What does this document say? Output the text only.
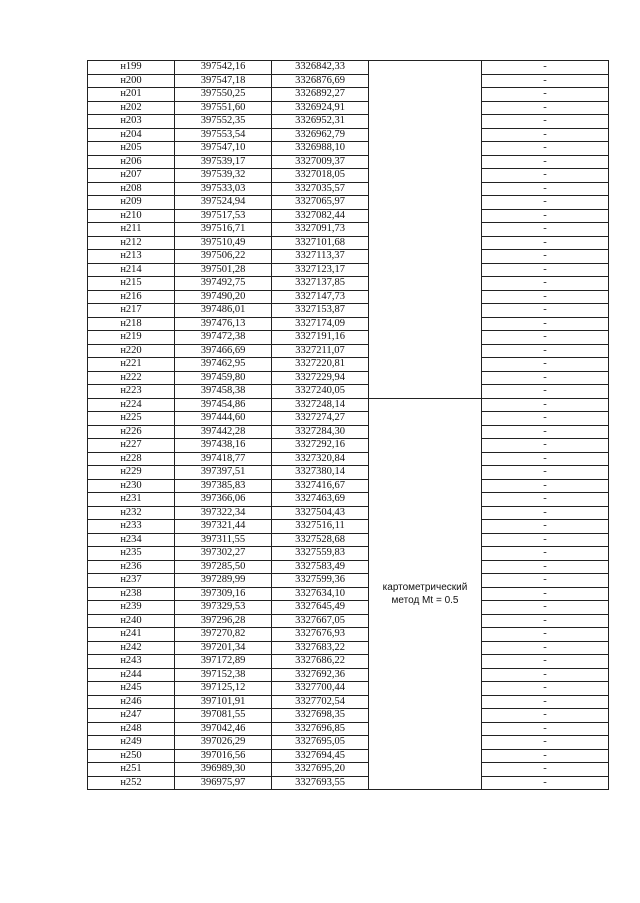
н199	397542,16	3326842,33		-
н200	397547,18	3326876,69		-
н201	397550,25	3326892,27		-
н202	397551,60	3326924,91		-
н203	397552,35	3326952,31		-
н204	397553,54	3326962,79		-
н205	397547,10	3326988,10		-
н206	397539,17	3327009,37		-
н207	397539,32	3327018,05		-
н208	397533,03	3327035,57		-
н209	397524,94	3327065,97		-
н210	397517,53	3327082,44		-
н211	397516,71	3327091,73		-
н212	397510,49	3327101,68		-
н213	397506,22	3327113,37		-
н214	397501,28	3327123,17		-
н215	397492,75	3327137,85		-
н216	397490,20	3327147,73		-
н217	397486,01	3327153,87		-
н218	397476,13	3327174,09		-
н219	397472,38	3327191,16		-
н220	397466,69	3327211,07		-
н221	397462,95	3327220,81		-
н222	397459,80	3327229,94		-
н223	397458,38	3327240,05		-
н224	397454,86	3327248,14	картометрический метод Mt = 0.5	-
н225	397444,60	3327274,27		-
н226	397442,28	3327284,30		-
н227	397438,16	3327292,16		-
н228	397418,77	3327320,84		-
н229	397397,51	3327380,14		-
н230	397385,83	3327416,67		-
н231	397366,06	3327463,69		-
н232	397322,34	3327504,43		-
н233	397321,44	3327516,11		-
н234	397311,55	3327528,68		-
н235	397302,27	3327559,83		-
н236	397285,50	3327583,49		-
н237	397289,99	3327599,36		-
н238	397309,16	3327634,10		-
н239	397329,53	3327645,49		-
н240	397296,28	3327667,05		-
н241	397270,82	3327676,93		-
н242	397201,34	3327683,22		-
н243	397172,89	3327686,22		-
н244	397152,38	3327692,36		-
н245	397125,12	3327700,44		-
н246	397101,91	3327702,54		-
н247	397081,55	3327698,35		-
н248	397042,46	3327696,85		-
н249	397026,29	3327695,05		-
н250	397016,56	3327694,45		-
н251	396989,30	3327695,20		-
н252	396975,97	3327693,55		-
